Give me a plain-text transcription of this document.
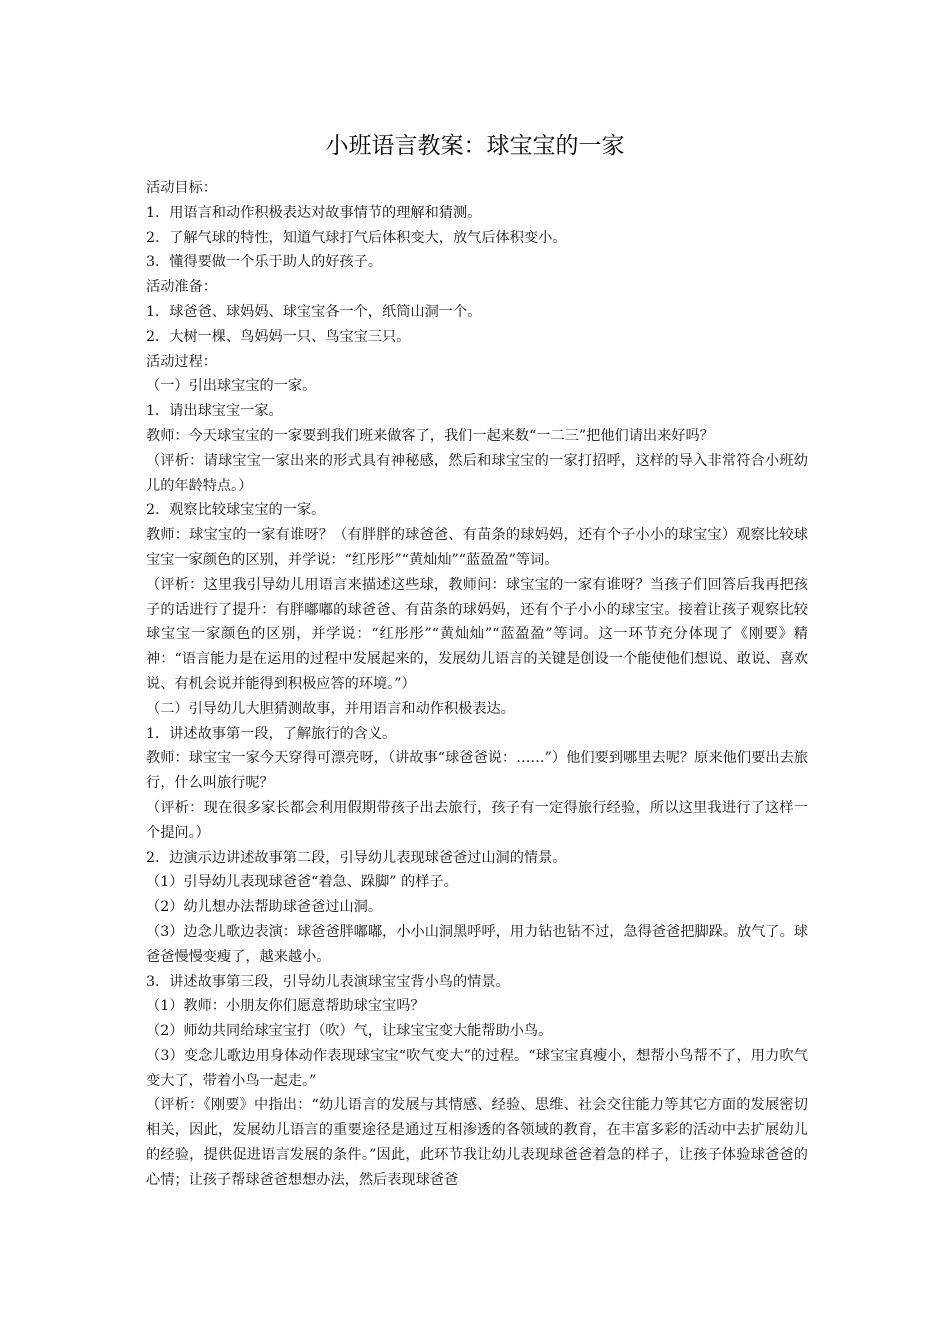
小班语言教案：球宝宝的一家

活动目标：

1．用语言和动作积极表达对故事情节的理解和猜测。

2．了解气球的特性，知道气球打气后体积变大，放气后体积变小。

3．懂得要做一个乐于助人的好孩子。

活动准备：

1．球爸爸、球妈妈、球宝宝各一个，纸筒山洞一个。

2．大树一棵、鸟妈妈一只、鸟宝宝三只。

活动过程：

（一）引出球宝宝的一家。

1．请出球宝宝一家。

教师：今天球宝宝的一家要到我们班来做客了，我们一起来数“一二三”把他们请出来好吗？

（评析：请球宝宝一家出来的形式具有神秘感，然后和球宝宝的一家打招呼，这样的导入非常符合小班幼儿的年龄特点。）

2．观察比较球宝宝的一家。

教师：球宝宝的一家有谁呀？（有胖胖的球爸爸、有苗条的球妈妈，还有个子小小的球宝宝）观察比较球宝宝一家颜色的区别，并学说：“红彤彤”“黄灿灿”“蓝盈盈”等词。

（评析：这里我引导幼儿用语言来描述这些球，教师问：球宝宝的一家有谁呀？当孩子们回答后我再把孩子的话进行了提升：有胖嘟嘟的球爸爸、有苗条的球妈妈，还有个子小小的球宝宝。接着让孩子观察比较球宝宝一家颜色的区别，并学说：“红彤彤”“黄灿灿”“蓝盈盈”等词。这一环节充分体现了《刚要》精神：“语言能力是在运用的过程中发展起来的，发展幼儿语言的关键是创设一个能使他们想说、敢说、喜欢说、有机会说并能得到积极应答的环境。”）

（二）引导幼儿大胆猜测故事，并用语言和动作积极表达。

1．讲述故事第一段，了解旅行的含义。

教师：球宝宝一家今天穿得可漂亮呀，（讲故事“球爸爸说：……”）他们要到哪里去呢？原来他们要出去旅行，什么叫旅行呢？

（评析：现在很多家长都会利用假期带孩子出去旅行，孩子有一定得旅行经验，所以这里我进行了这样一个提问。）

2．边演示边讲述故事第二段，引导幼儿表现球爸爸过山洞的情景。

（1）引导幼儿表现球爸爸“着急、跺脚” 的样子。

（2）幼儿想办法帮助球爸爸过山洞。

（3）边念儿歌边表演：球爸爸胖嘟嘟，小小山洞黑呼呼，用力钻也钻不过，急得爸爸把脚跺。放气了。球爸爸慢慢变瘦了，越来越小。

3．讲述故事第三段，引导幼儿表演球宝宝背小鸟的情景。

（1）教师：小朋友你们愿意帮助球宝宝吗？

（2）师幼共同给球宝宝打（吹）气，让球宝宝变大能帮助小鸟。

（3）变念儿歌边用身体动作表现球宝宝“吹气变大”的过程。“球宝宝真瘦小，想帮小鸟帮不了，用力吹气变大了，带着小鸟一起走。”

（评析：《刚要》中指出：“幼儿语言的发展与其情感、经验、思维、社会交往能力等其它方面的发展密切相关，因此，发展幼儿语言的重要途径是通过互相渗透的各领域的教育，在丰富多彩的活动中去扩展幼儿的经验，提供促进语言发展的条件。”因此，此环节我让幼儿表现球爸爸着急的样子，让孩子体验球爸爸的心情；让孩子帮球爸爸想想办法，然后表现球爸爸
